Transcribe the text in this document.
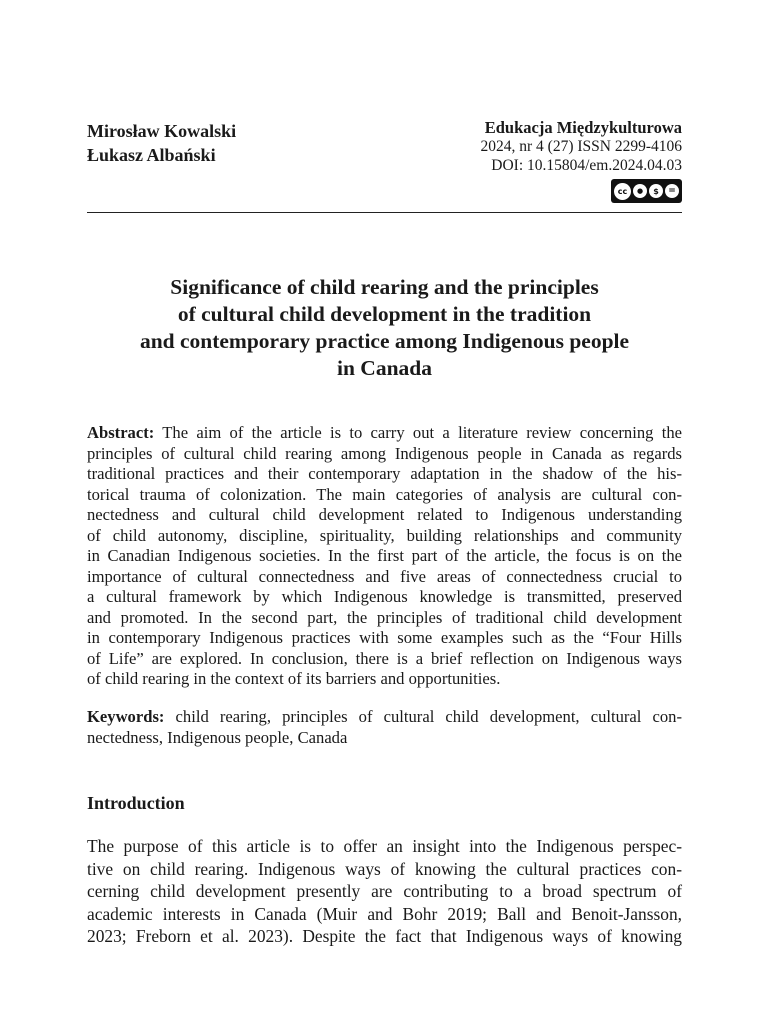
Mirosław Kowalski
Łukasz Albański
Edukacja Międzykulturowa
2024, nr 4 (27) ISSN 2299-4106
DOI: 10.15804/em.2024.04.03
cc	●	$	=
Significance of child rearing and the principles
of cultural child development in the tradition
and contemporary practice among Indigenous people
in Canada
Abstract: The aim of the article is to carry out a literature review concerning the
principles of cultural child rearing among Indigenous people in Canada as regards
traditional practices and their contemporary adaptation in the shadow of the his-
torical trauma of colonization. The main categories of analysis are cultural con-
nectedness and cultural child development related to Indigenous understanding
of child autonomy, discipline, spirituality, building relationships and community
in Canadian Indigenous societies. In the first part of the article, the focus is on the
importance of cultural connectedness and five areas of connectedness crucial to
a cultural framework by which Indigenous knowledge is transmitted, preserved
and promoted. In the second part, the principles of traditional child development
in contemporary Indigenous practices with some examples such as the “Four Hills
of Life” are explored. In conclusion, there is a brief reflection on Indigenous ways
of child rearing in the context of its barriers and opportunities.
Keywords: child rearing, principles of cultural child development, cultural con-
nectedness, Indigenous people, Canada
Introduction
The purpose of this article is to offer an insight into the Indigenous perspec-
tive on child rearing. Indigenous ways of knowing the cultural practices con-
cerning child development presently are contributing to a broad spectrum of
academic interests in Canada (Muir and Bohr 2019; Ball and Benoit-Jansson,
2023; Freborn et al. 2023). Despite the fact that Indigenous ways of knowing
